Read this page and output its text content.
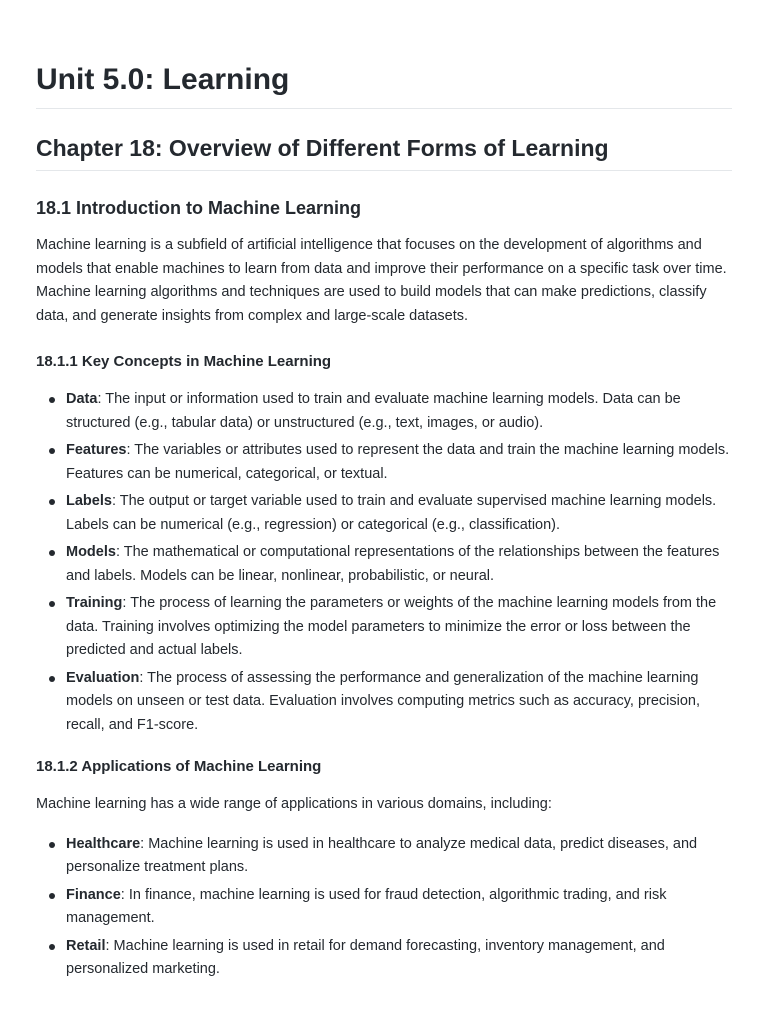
Unit 5.0: Learning
Chapter 18: Overview of Different Forms of Learning
18.1 Introduction to Machine Learning

Machine learning is a subfield of artificial intelligence that focuses on the development of algorithms and models that enable machines to learn from data and improve their performance on a specific task over time. Machine learning algorithms and techniques are used to build models that can make predictions, classify data, and generate insights from complex and large-scale datasets.

18.1.1 Key Concepts in Machine Learning
Data: The input or information used to train and evaluate machine learning models. Data can be structured (e.g., tabular data) or unstructured (e.g., text, images, or audio).
Features: The variables or attributes used to represent the data and train the machine learning models. Features can be numerical, categorical, or textual.
Labels: The output or target variable used to train and evaluate supervised machine learning models. Labels can be numerical (e.g., regression) or categorical (e.g., classification).
Models: The mathematical or computational representations of the relationships between the features and labels. Models can be linear, nonlinear, probabilistic, or neural.
Training: The process of learning the parameters or weights of the machine learning models from the data. Training involves optimizing the model parameters to minimize the error or loss between the predicted and actual labels.
Evaluation: The process of assessing the performance and generalization of the machine learning models on unseen or test data. Evaluation involves computing metrics such as accuracy, precision, recall, and F1-score.
18.1.2 Applications of Machine Learning

Machine learning has a wide range of applications in various domains, including:

Healthcare: Machine learning is used in healthcare to analyze medical data, predict diseases, and personalize treatment plans.
Finance: In finance, machine learning is used for fraud detection, algorithmic trading, and risk management.
Retail: Machine learning is used in retail for demand forecasting, inventory management, and personalized marketing.
